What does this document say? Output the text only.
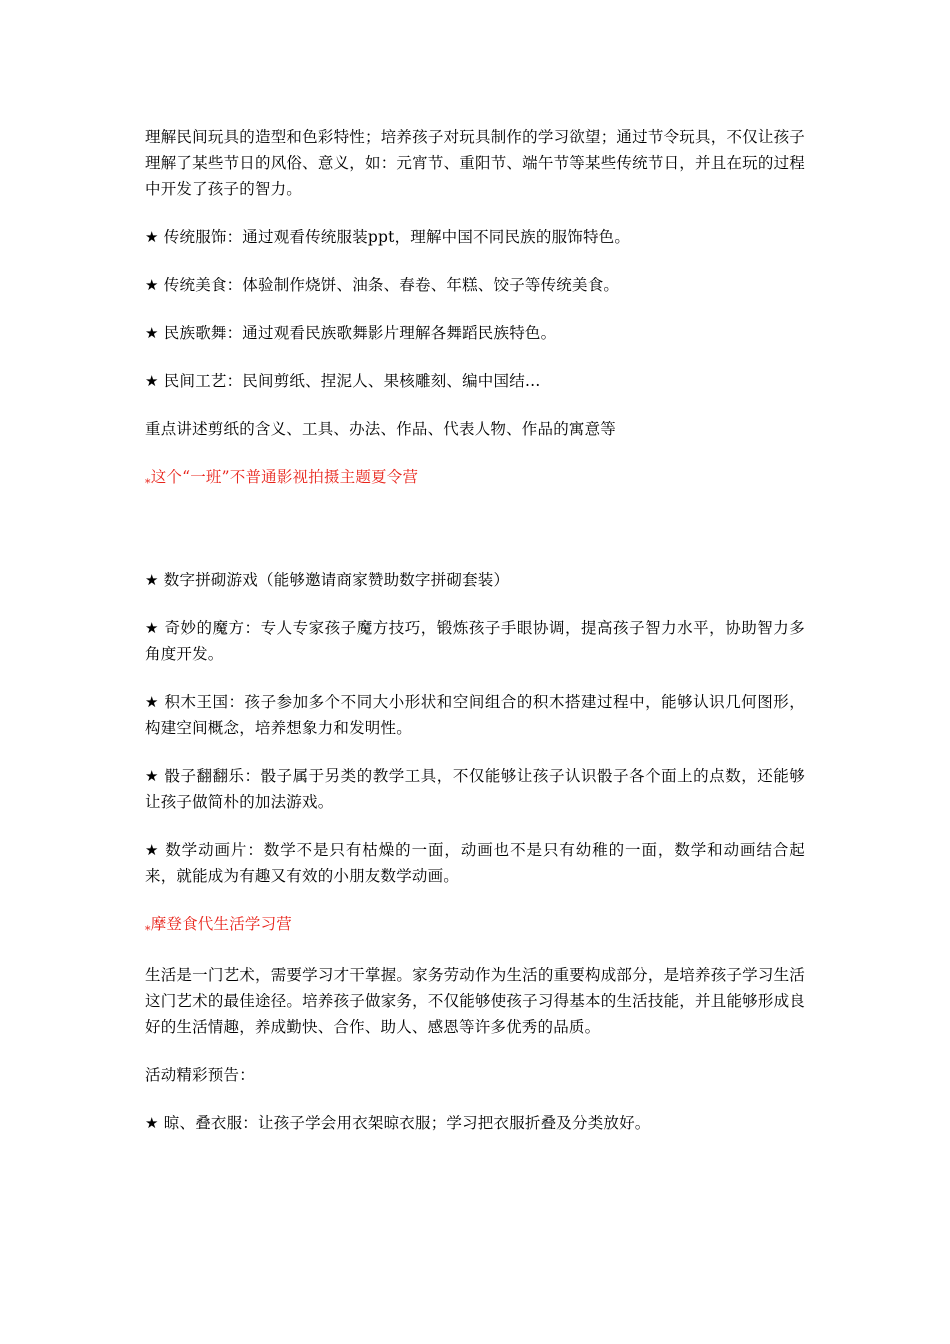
理解民间玩具的造型和色彩特性；培养孩子对玩具制作的学习欲望；通过节令玩具，不仅让孩子理解了某些节日的风俗、意义，如：元宵节、重阳节、端午节等某些传统节日，并且在玩的过程中开发了孩子的智力。

★ 传统服饰：通过观看传统服装ppt，理解中国不同民族的服饰特色。

★ 传统美食：体验制作烧饼、油条、春卷、年糕、饺子等传统美食。

★ 民族歌舞：通过观看民族歌舞影片理解各舞蹈民族特色。

★ 民间工艺：民间剪纸、捏泥人、果核雕刻、编中国结…

重点讲述剪纸的含义、工具、办法、作品、代表人物、作品的寓意等

⁎这个“一班”不普通影视拍摄主题夏令营

★ 数字拼砌游戏（能够邀请商家赞助数字拼砌套装）

★ 奇妙的魔方：专人专家孩子魔方技巧，锻炼孩子手眼协调，提高孩子智力水平，协助智力多角度开发。

★ 积木王国：孩子参加多个不同大小形状和空间组合的积木搭建过程中，能够认识几何图形，构建空间概念，培养想象力和发明性。

★ 骰子翻翻乐：骰子属于另类的教学工具，不仅能够让孩子认识骰子各个面上的点数，还能够让孩子做简朴的加法游戏。

★ 数学动画片：数学不是只有枯燥的一面，动画也不是只有幼稚的一面，数学和动画结合起来，就能成为有趣又有效的小朋友数学动画。

⁎摩登食代生活学习营

生活是一门艺术，需要学习才干掌握。家务劳动作为生活的重要构成部分，是培养孩子学习生活这门艺术的最佳途径。培养孩子做家务，不仅能够使孩子习得基本的生活技能，并且能够形成良好的生活情趣，养成勤快、合作、助人、感恩等许多优秀的品质。

活动精彩预告：

★ 晾、叠衣服：让孩子学会用衣架晾衣服；学习把衣服折叠及分类放好。
